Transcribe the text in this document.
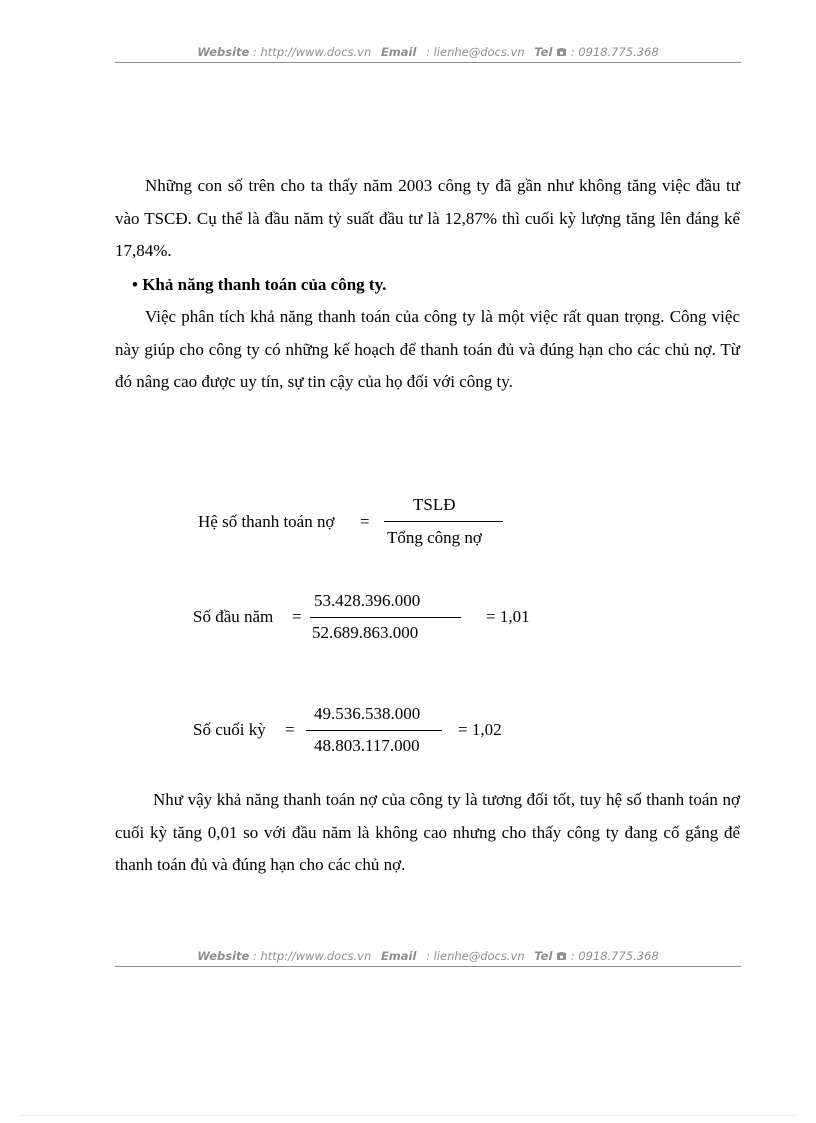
Website : http://www.docs.vn Email : lienhe@docs.vn Tel : 0918.775.368
Những con số trên cho ta thấy năm 2003 công ty đã gần như không tăng việc đầu tư vào TSCĐ. Cụ thể là đầu năm tỷ suất đầu tư là 12,87% thì cuối kỳ lượng tăng lên đáng kể 17,84%.
• Khả năng thanh toán của công ty.
Việc phân tích khả năng thanh toán của công ty là một việc rất quan trọng. Công việc này giúp cho công ty có những kế hoạch để thanh toán đủ và đúng hạn cho các chủ nợ. Từ đó nâng cao được uy tín, sự tin cậy của họ đối với công ty.
Hệ số thanh toán nợ =
TSLĐ
Tổng công nợ
Số đầu năm =
53.428.396.000
52.689.863.000
= 1,01
Số cuối kỳ =
49.536.538.000
48.803.117.000
= 1,02
Như vậy khả năng thanh toán nợ của công ty là tương đối tốt, tuy hệ số thanh toán nợ cuối kỳ tăng 0,01 so với đầu năm là không cao nhưng cho thấy công ty đang cố gắng để thanh toán đủ và đúng hạn cho các chủ nợ.
Website : http://www.docs.vn Email : lienhe@docs.vn Tel : 0918.775.368
